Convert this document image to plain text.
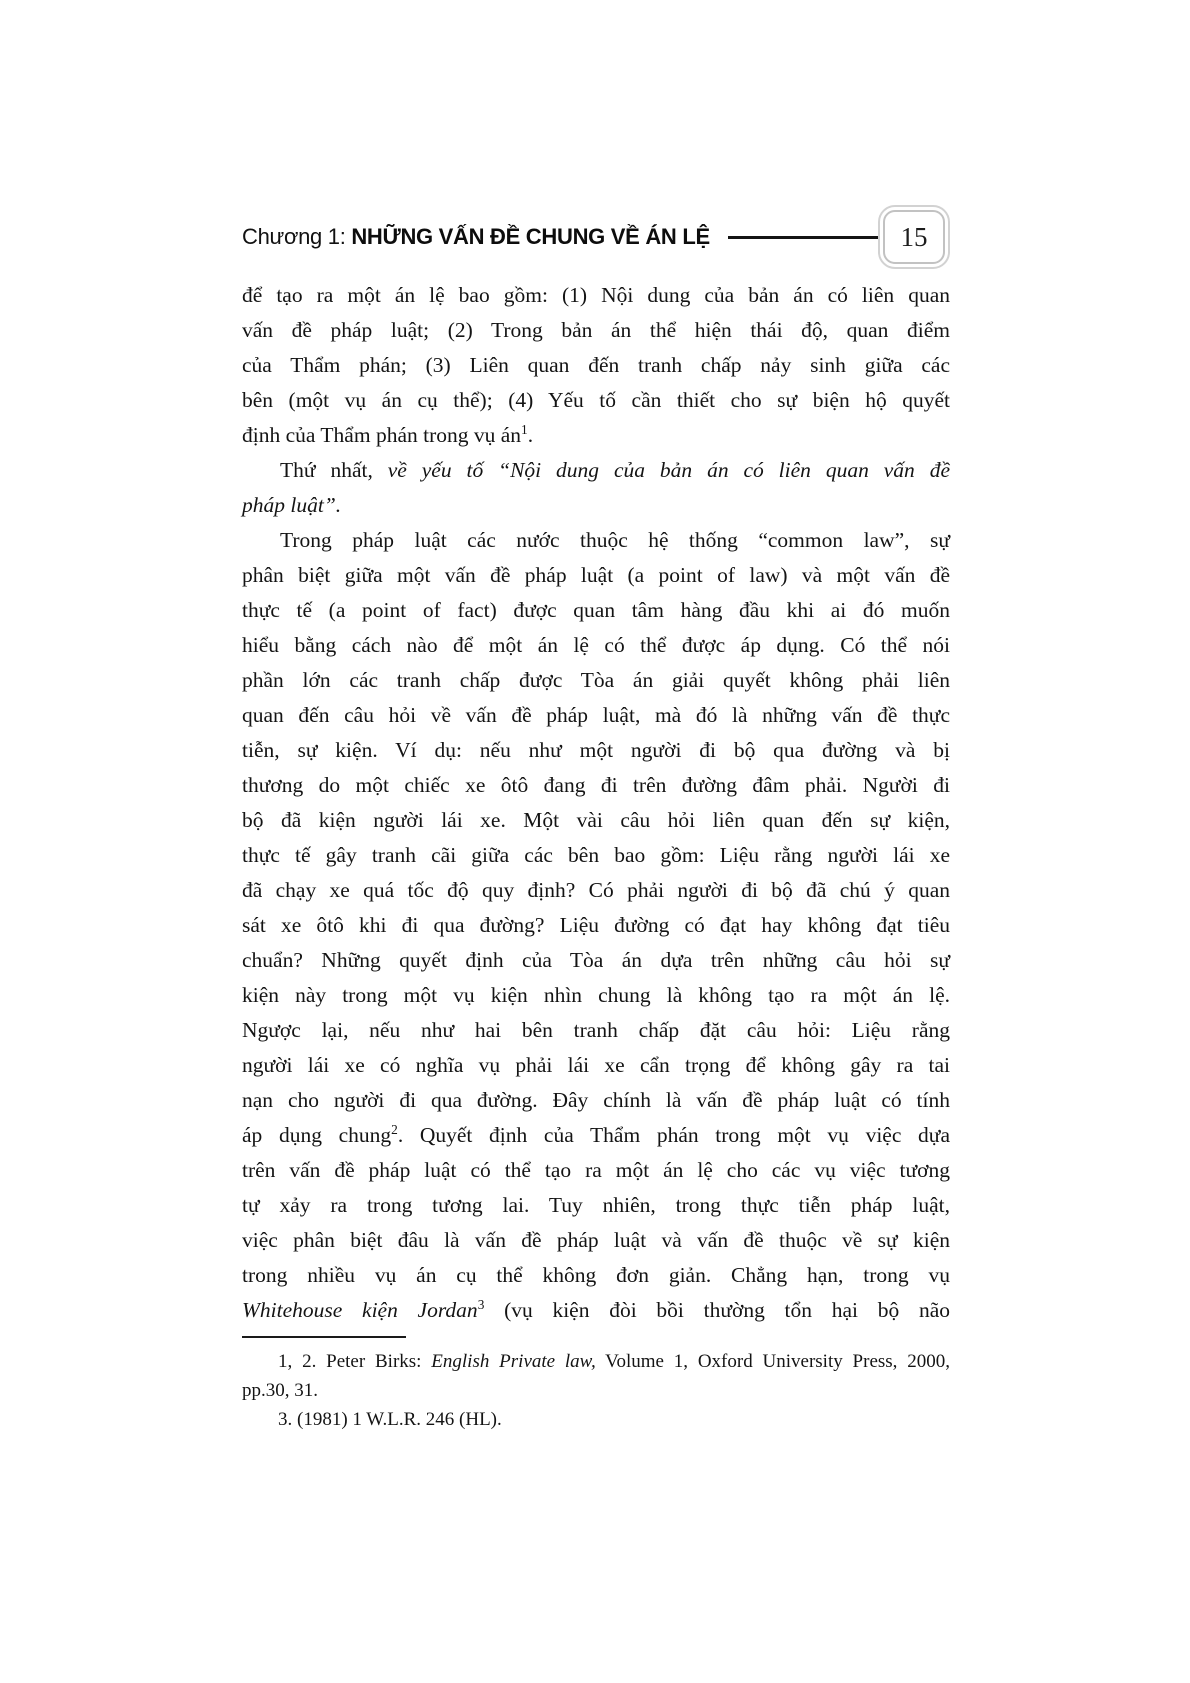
Chương 1: NHỮNG VẤN ĐỀ CHUNG VỀ ÁN LỆ	15
để tạo ra một án lệ bao gồm: (1) Nội dung của bản án có liên quan
vấn đề pháp luật; (2) Trong bản án thể hiện thái độ, quan điểm
của Thẩm phán; (3) Liên quan đến tranh chấp nảy sinh giữa các
bên (một vụ án cụ thể); (4) Yếu tố cần thiết cho sự biện hộ quyết
định của Thẩm phán trong vụ $án^1$.
Thứ nhất, về yếu tố “Nội dung của bản án có liên quan vấn đề
pháp luật”.
Trong pháp luật các nước thuộc hệ thống “common law”, sự
phân biệt giữa một vấn đề pháp luật (a point of law) và một vấn đề
thực tế (a point of fact) được quan tâm hàng đầu khi ai đó muốn
hiểu bằng cách nào để một án lệ có thể được áp dụng. Có thể nói
phần lớn các tranh chấp được Tòa án giải quyết không phải liên
quan đến câu hỏi về vấn đề pháp luật, mà đó là những vấn đề thực
tiễn, sự kiện. Ví dụ: nếu như một người đi bộ qua đường và bị
thương do một chiếc xe ôtô đang đi trên đường đâm phải. Người đi
bộ đã kiện người lái xe. Một vài câu hỏi liên quan đến sự kiện,
thực tế gây tranh cãi giữa các bên bao gồm: Liệu rằng người lái xe
đã chạy xe quá tốc độ quy định? Có phải người đi bộ đã chú ý quan
sát xe ôtô khi đi qua đường? Liệu đường có đạt hay không đạt tiêu
chuẩn? Những quyết định của Tòa án dựa trên những câu hỏi sự
kiện này trong một vụ kiện nhìn chung là không tạo ra một án lệ.
Ngược lại, nếu như hai bên tranh chấp đặt câu hỏi: Liệu rằng
người lái xe có nghĩa vụ phải lái xe cẩn trọng để không gây ra tai
nạn cho người đi qua đường. Đây chính là vấn đề pháp luật có tính
áp dụng chung$^2$. Quyết định của Thẩm phán trong một vụ việc dựa
trên vấn đề pháp luật có thể tạo ra một án lệ cho các vụ việc tương
tự xảy ra trong tương lai. Tuy nhiên, trong thực tiễn pháp luật,
việc phân biệt đâu là vấn đề pháp luật và vấn đề thuộc về sự kiện
trong nhiều vụ án cụ thể không đơn giản. Chẳng hạn, trong vụ
Whitehouse kiện Jordan$^3$ (vụ kiện đòi bồi thường tổn hại bộ não
1, 2. Peter Birks: English Private law, Volume 1, Oxford University Press, 2000,
pp.30, 31.
3. (1981) 1 W.L.R. 246 (HL).
